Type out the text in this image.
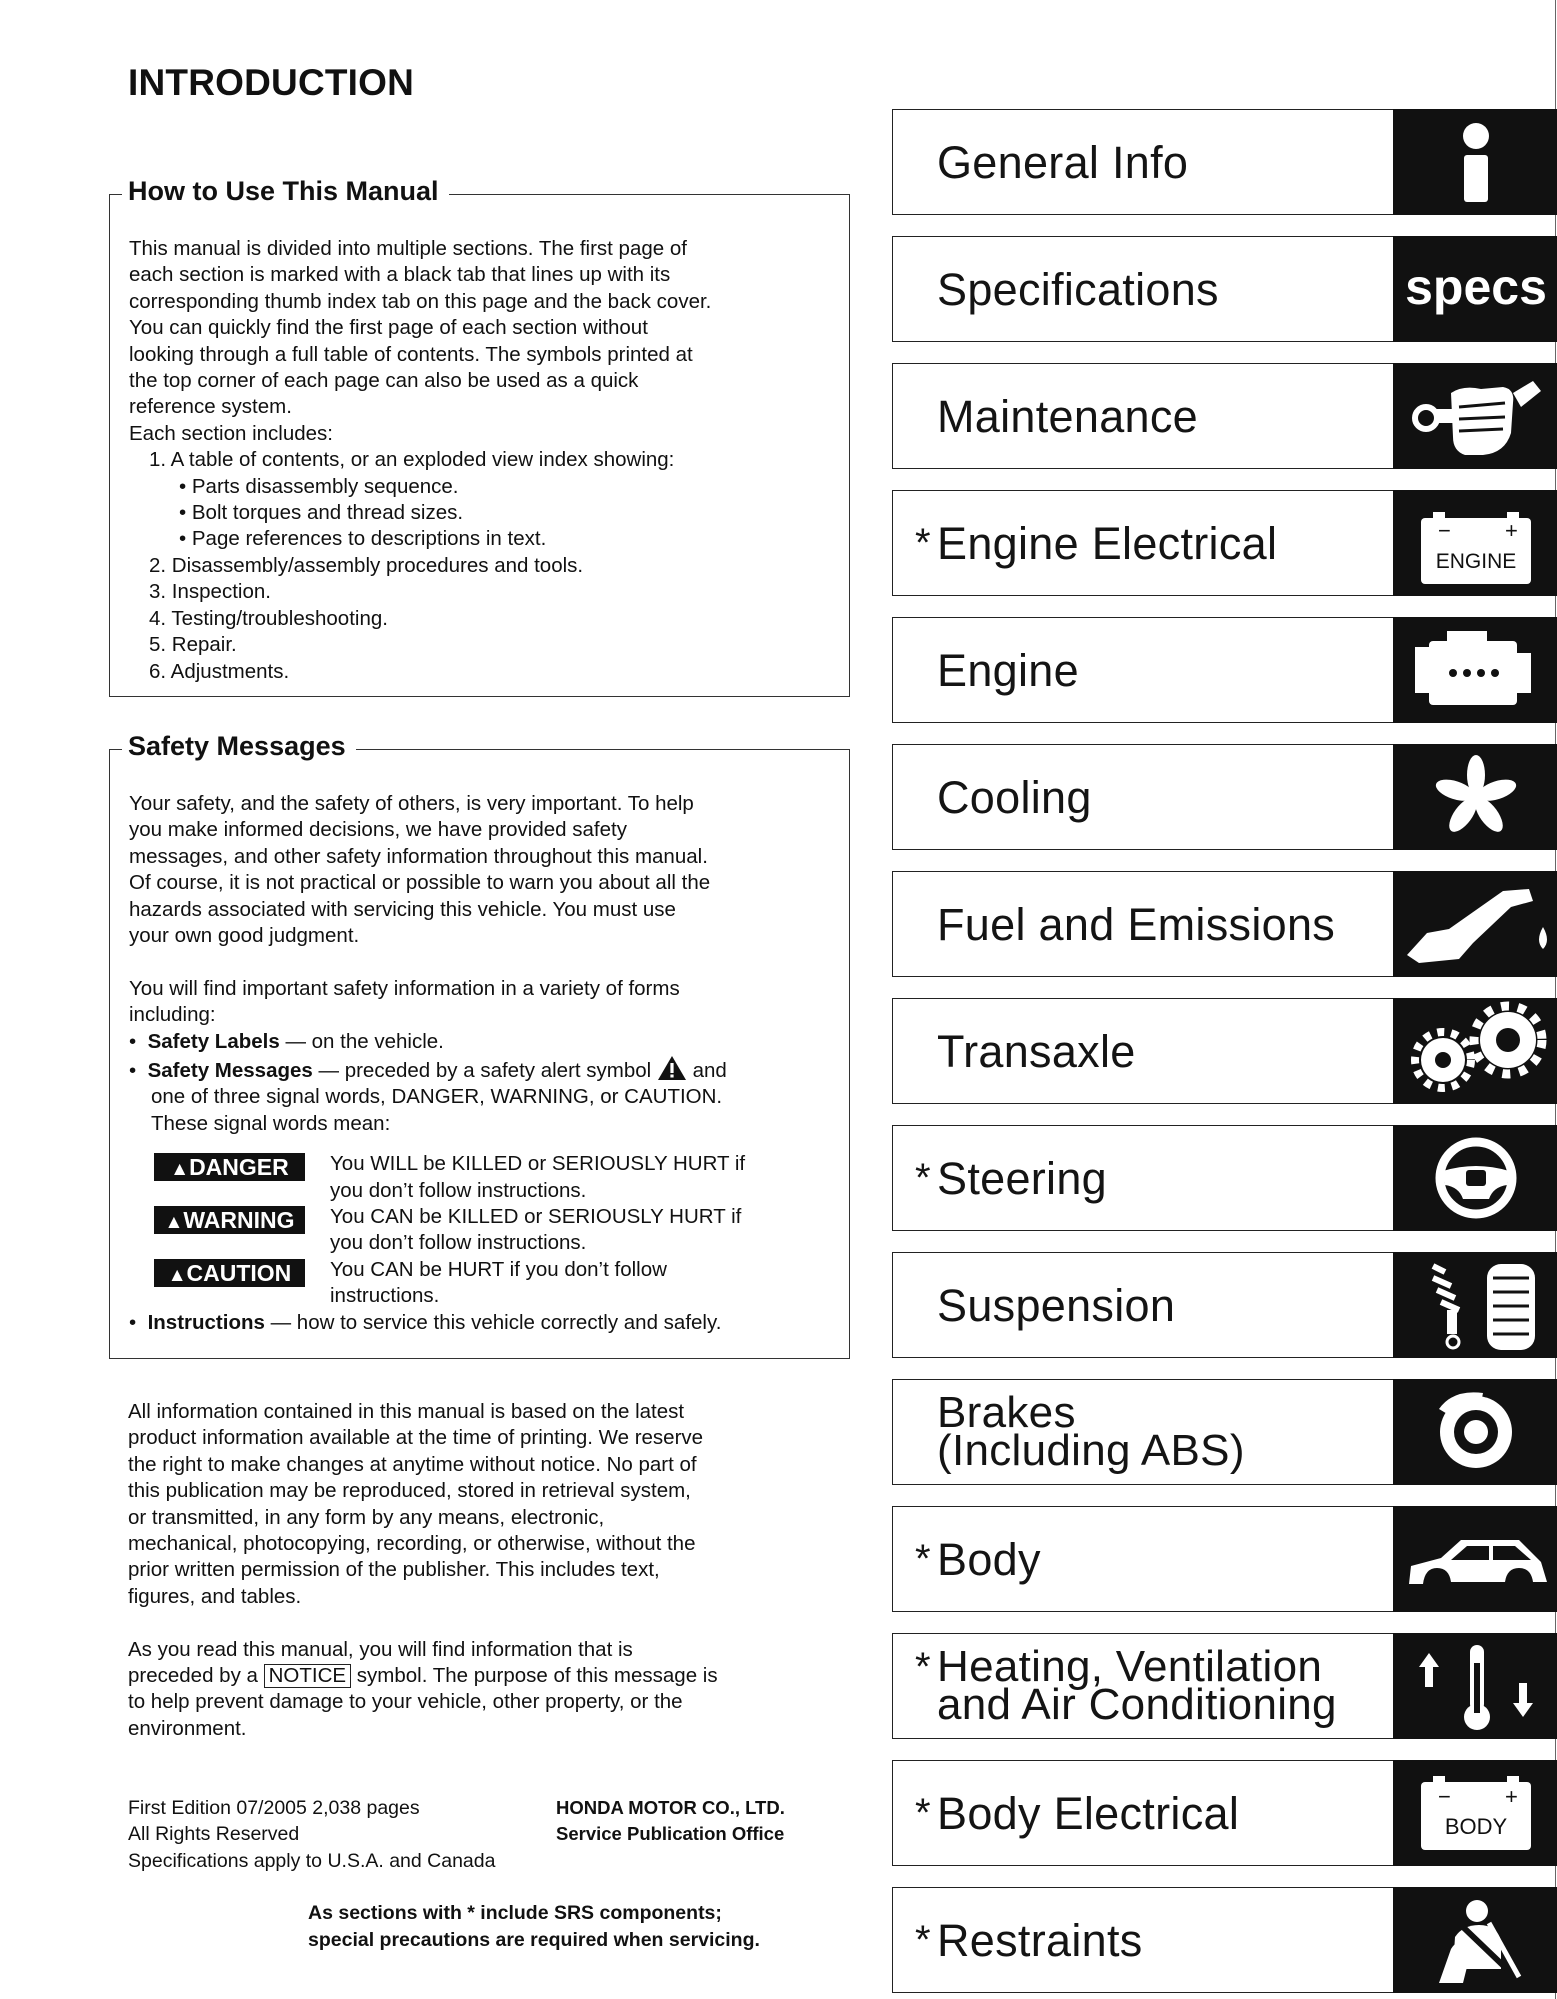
INTRODUCTION
How to Use This Manual

This manual is divided into multiple sections. The first page of

each section is marked with a black tab that lines up with its

corresponding thumb index tab on this page and the back cover.

You can quickly find the first page of each section without

looking through a full table of contents. The symbols printed at

the top corner of each page can also be used as a quick

reference system.

Each section includes:

1. A table of contents, or an exploded view index showing:

• Parts disassembly sequence.

• Bolt torques and thread sizes.

• Page references to descriptions in text.

2. Disassembly/assembly procedures and tools.

3. Inspection.

4. Testing/troubleshooting.

5. Repair.

6. Adjustments.

Safety Messages

Your safety, and the safety of others, is very important. To help

you make informed decisions, we have provided safety

messages, and other safety information throughout this manual.

Of course, it is not practical or possible to warn you about all the

hazards associated with servicing this vehicle. You must use

your own good judgment.

You will find important safety information in a variety of forms

including:

•  Safety Labels — on the vehicle.

•  Safety Messages — preceded by a safety alert symbol  and

one of three signal words, DANGER, WARNING, or CAUTION.

These signal words mean:

▲DANGER	You WILL be KILLED or SERIOUSLY HURT if

you don’t follow instructions.

▲WARNING	You CAN be KILLED or SERIOUSLY HURT if

you don’t follow instructions.

▲CAUTION	You CAN be HURT if you don’t follow

instructions.

•  Instructions — how to service this vehicle correctly and safely.

All information contained in this manual is based on the latest

product information available at the time of printing. We reserve

the right to make changes at anytime without notice. No part of

this publication may be reproduced, stored in retrieval system,

or transmitted, in any form by any means, electronic,

mechanical, photocopying, recording, or otherwise, without the

prior written permission of the publisher. This includes text,

figures, and tables.

As you read this manual, you will find information that is

preceded by a NOTICE symbol. The purpose of this message is

to help prevent damage to your vehicle, other property, or the

environment.

First Edition 07/2005 2,038 pages
All Rights Reserved
Specifications apply to U.S.A. and Canada
HONDA MOTOR CO., LTD.
Service Publication Office
As sections with * include SRS components;
special precautions are required when servicing.
General Info
Specifications	specs
Maintenance
* Engine Electrical	− +
ENGINE
Engine
Cooling
Fuel and Emissions
Transaxle
* Steering
Suspension
Brakes
(Including ABS)
* Body
* Heating, Ventilation
and Air Conditioning
* Body Electrical	− +
BODY
* Restraints
